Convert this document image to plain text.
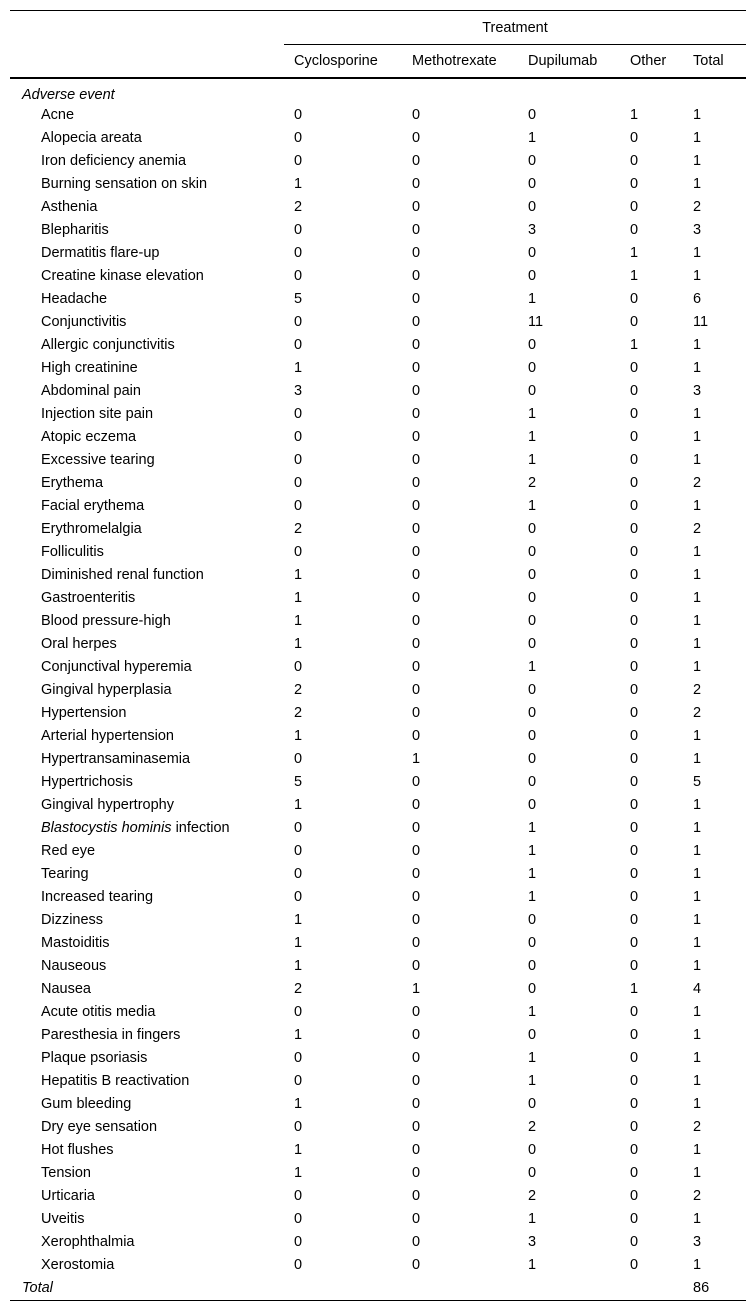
	Treatment				
	Cyclosporine	Methotrexate	Dupilumab	Other	Total
Adverse event					
Acne	0	0	0	1	1
Alopecia areata	0	0	1	0	1
Iron deficiency anemia	0	0	0	0	1
Burning sensation on skin	1	0	0	0	1
Asthenia	2	0	0	0	2
Blepharitis	0	0	3	0	3
Dermatitis flare-up	0	0	0	1	1
Creatine kinase elevation	0	0	0	1	1
Headache	5	0	1	0	6
Conjunctivitis	0	0	11	0	11
Allergic conjunctivitis	0	0	0	1	1
High creatinine	1	0	0	0	1
Abdominal pain	3	0	0	0	3
Injection site pain	0	0	1	0	1
Atopic eczema	0	0	1	0	1
Excessive tearing	0	0	1	0	1
Erythema	0	0	2	0	2
Facial erythema	0	0	1	0	1
Erythromelalgia	2	0	0	0	2
Folliculitis	0	0	0	0	1
Diminished renal function	1	0	0	0	1
Gastroenteritis	1	0	0	0	1
Blood pressure-high	1	0	0	0	1
Oral herpes	1	0	0	0	1
Conjunctival hyperemia	0	0	1	0	1
Gingival hyperplasia	2	0	0	0	2
Hypertension	2	0	0	0	2
Arterial hypertension	1	0	0	0	1
Hypertransaminasemia	0	1	0	0	1
Hypertrichosis	5	0	0	0	5
Gingival hypertrophy	1	0	0	0	1
Blastocystis hominis infection	0	0	1	0	1
Red eye	0	0	1	0	1
Tearing	0	0	1	0	1
Increased tearing	0	0	1	0	1
Dizziness	1	0	0	0	1
Mastoiditis	1	0	0	0	1
Nauseous	1	0	0	0	1
Nausea	2	1	0	1	4
Acute otitis media	0	0	1	0	1
Paresthesia in fingers	1	0	0	0	1
Plaque psoriasis	0	0	1	0	1
Hepatitis B reactivation	0	0	1	0	1
Gum bleeding	1	0	0	0	1
Dry eye sensation	0	0	2	0	2
Hot flushes	1	0	0	0	1
Tension	1	0	0	0	1
Urticaria	0	0	2	0	2
Uveitis	0	0	1	0	1
Xerophthalmia	0	0	3	0	3
Xerostomia	0	0	1	0	1
Total					86
